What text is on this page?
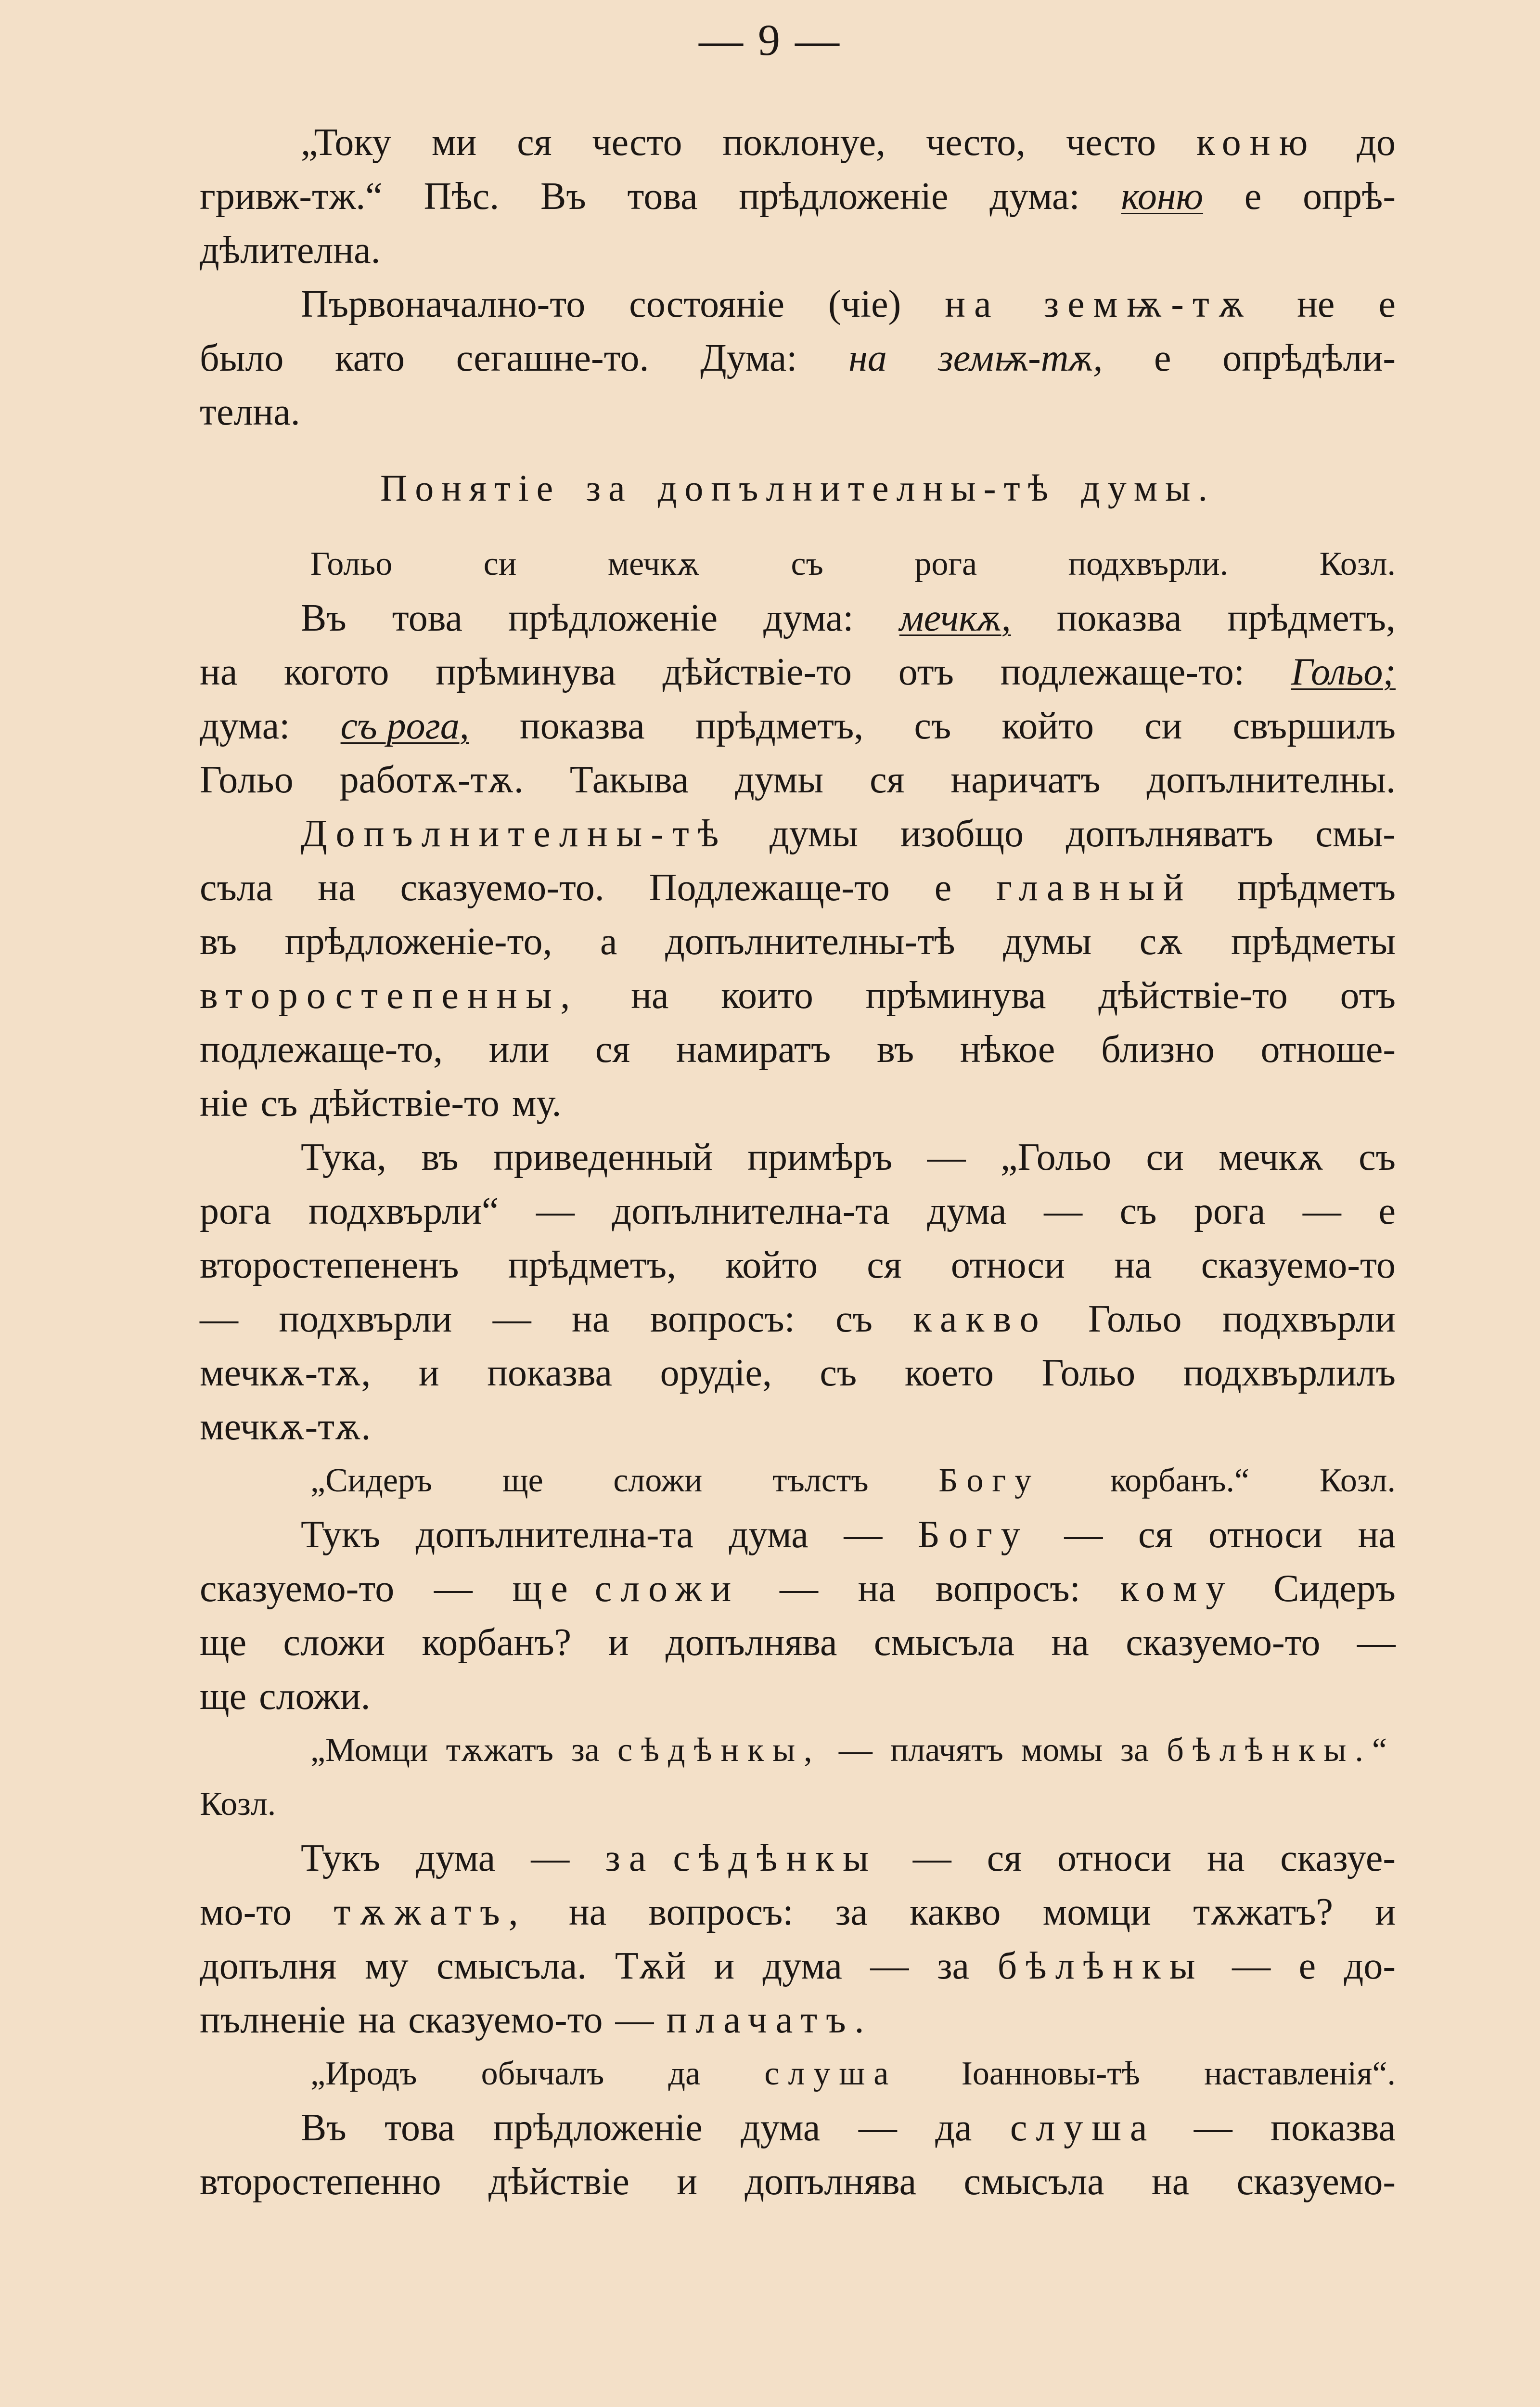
— 9 —
„Току ми ся често поклонуе, често, често коню до
гривж-тж.“ Пѣс. Въ това прѣдложеніе дума: коню е опрѣ-
дѣлителна.
Първоначално-то состояніе (чіе) на земѭ-тѫ не е
было като сегашне-то. Дума: на земѭ-тѫ, е опрѣдѣли-
телна.
Понятіе за допълнителны-тѣ думы.
Гольо	си	мечкѫ	съ	рога	подхвърли.	Козл.
Въ това прѣдложеніе дума: мечкѫ, показва прѣдметъ,
на когото прѣминува дѣйствіе-то отъ подлежаще-то: Гольо;
дума: съ рога, показва прѣдметъ, съ който си свършилъ
Гольо работѫ-тѫ. Такыва думы ся наричатъ допълнителны.
Допълнителны-тѣ думы изобщо допълняватъ смы-
съла на сказуемо-то. Подлежаще-то е главный прѣдметъ
въ прѣдложеніе-то, а допълнителны-тѣ думы сѫ прѣдметы
второстепенны, на които прѣминува дѣйствіе-то отъ
подлежаще-то, или ся намиратъ въ нѣкое близно отноше-
ніе съ дѣйствіе-то му.
Тука, въ приведенный примѣръ — „Гольо си мечкѫ съ
рога подхвърли“ — допълнителна-та дума — съ рога — е
второстепененъ прѣдметъ, който ся относи на сказуемо-то
— подхвърли — на вопросъ: съ какво Гольо подхвърли
мечкѫ-тѫ, и показва орудіе, съ което Гольо подхвърлилъ
мечкѫ-тѫ.
„Сидеръ ще сложи тълстъ Богу корбанъ.“ Козл.
Тукъ допълнителна-та дума — Богу — ся относи на
сказуемо-то — ще сложи — на вопросъ: кому Сидеръ
ще сложи корбанъ? и допълнява смысъла на сказуемо-то —
ще сложи.
„Момци тѫжатъ за сѣдѣнкы, — плачятъ момы за бѣлѣнкы.“
Козл.
Тукъ дума — за сѣдѣнкы — ся относи на сказуе-
мо-то тѫжатъ, на вопросъ: за какво момци тѫжатъ? и
допълня му смысъла. Тѫй и дума — за бѣлѣнкы — е до-
пълненіе на сказуемо-то — плачатъ.
„Иродъ обычалъ да слуша Іоанновы-тѣ наставленія“.
Въ това прѣдложеніе дума — да слуша — показва
второстепенно дѣйствіе и допълнява смысъла на сказуемо-
